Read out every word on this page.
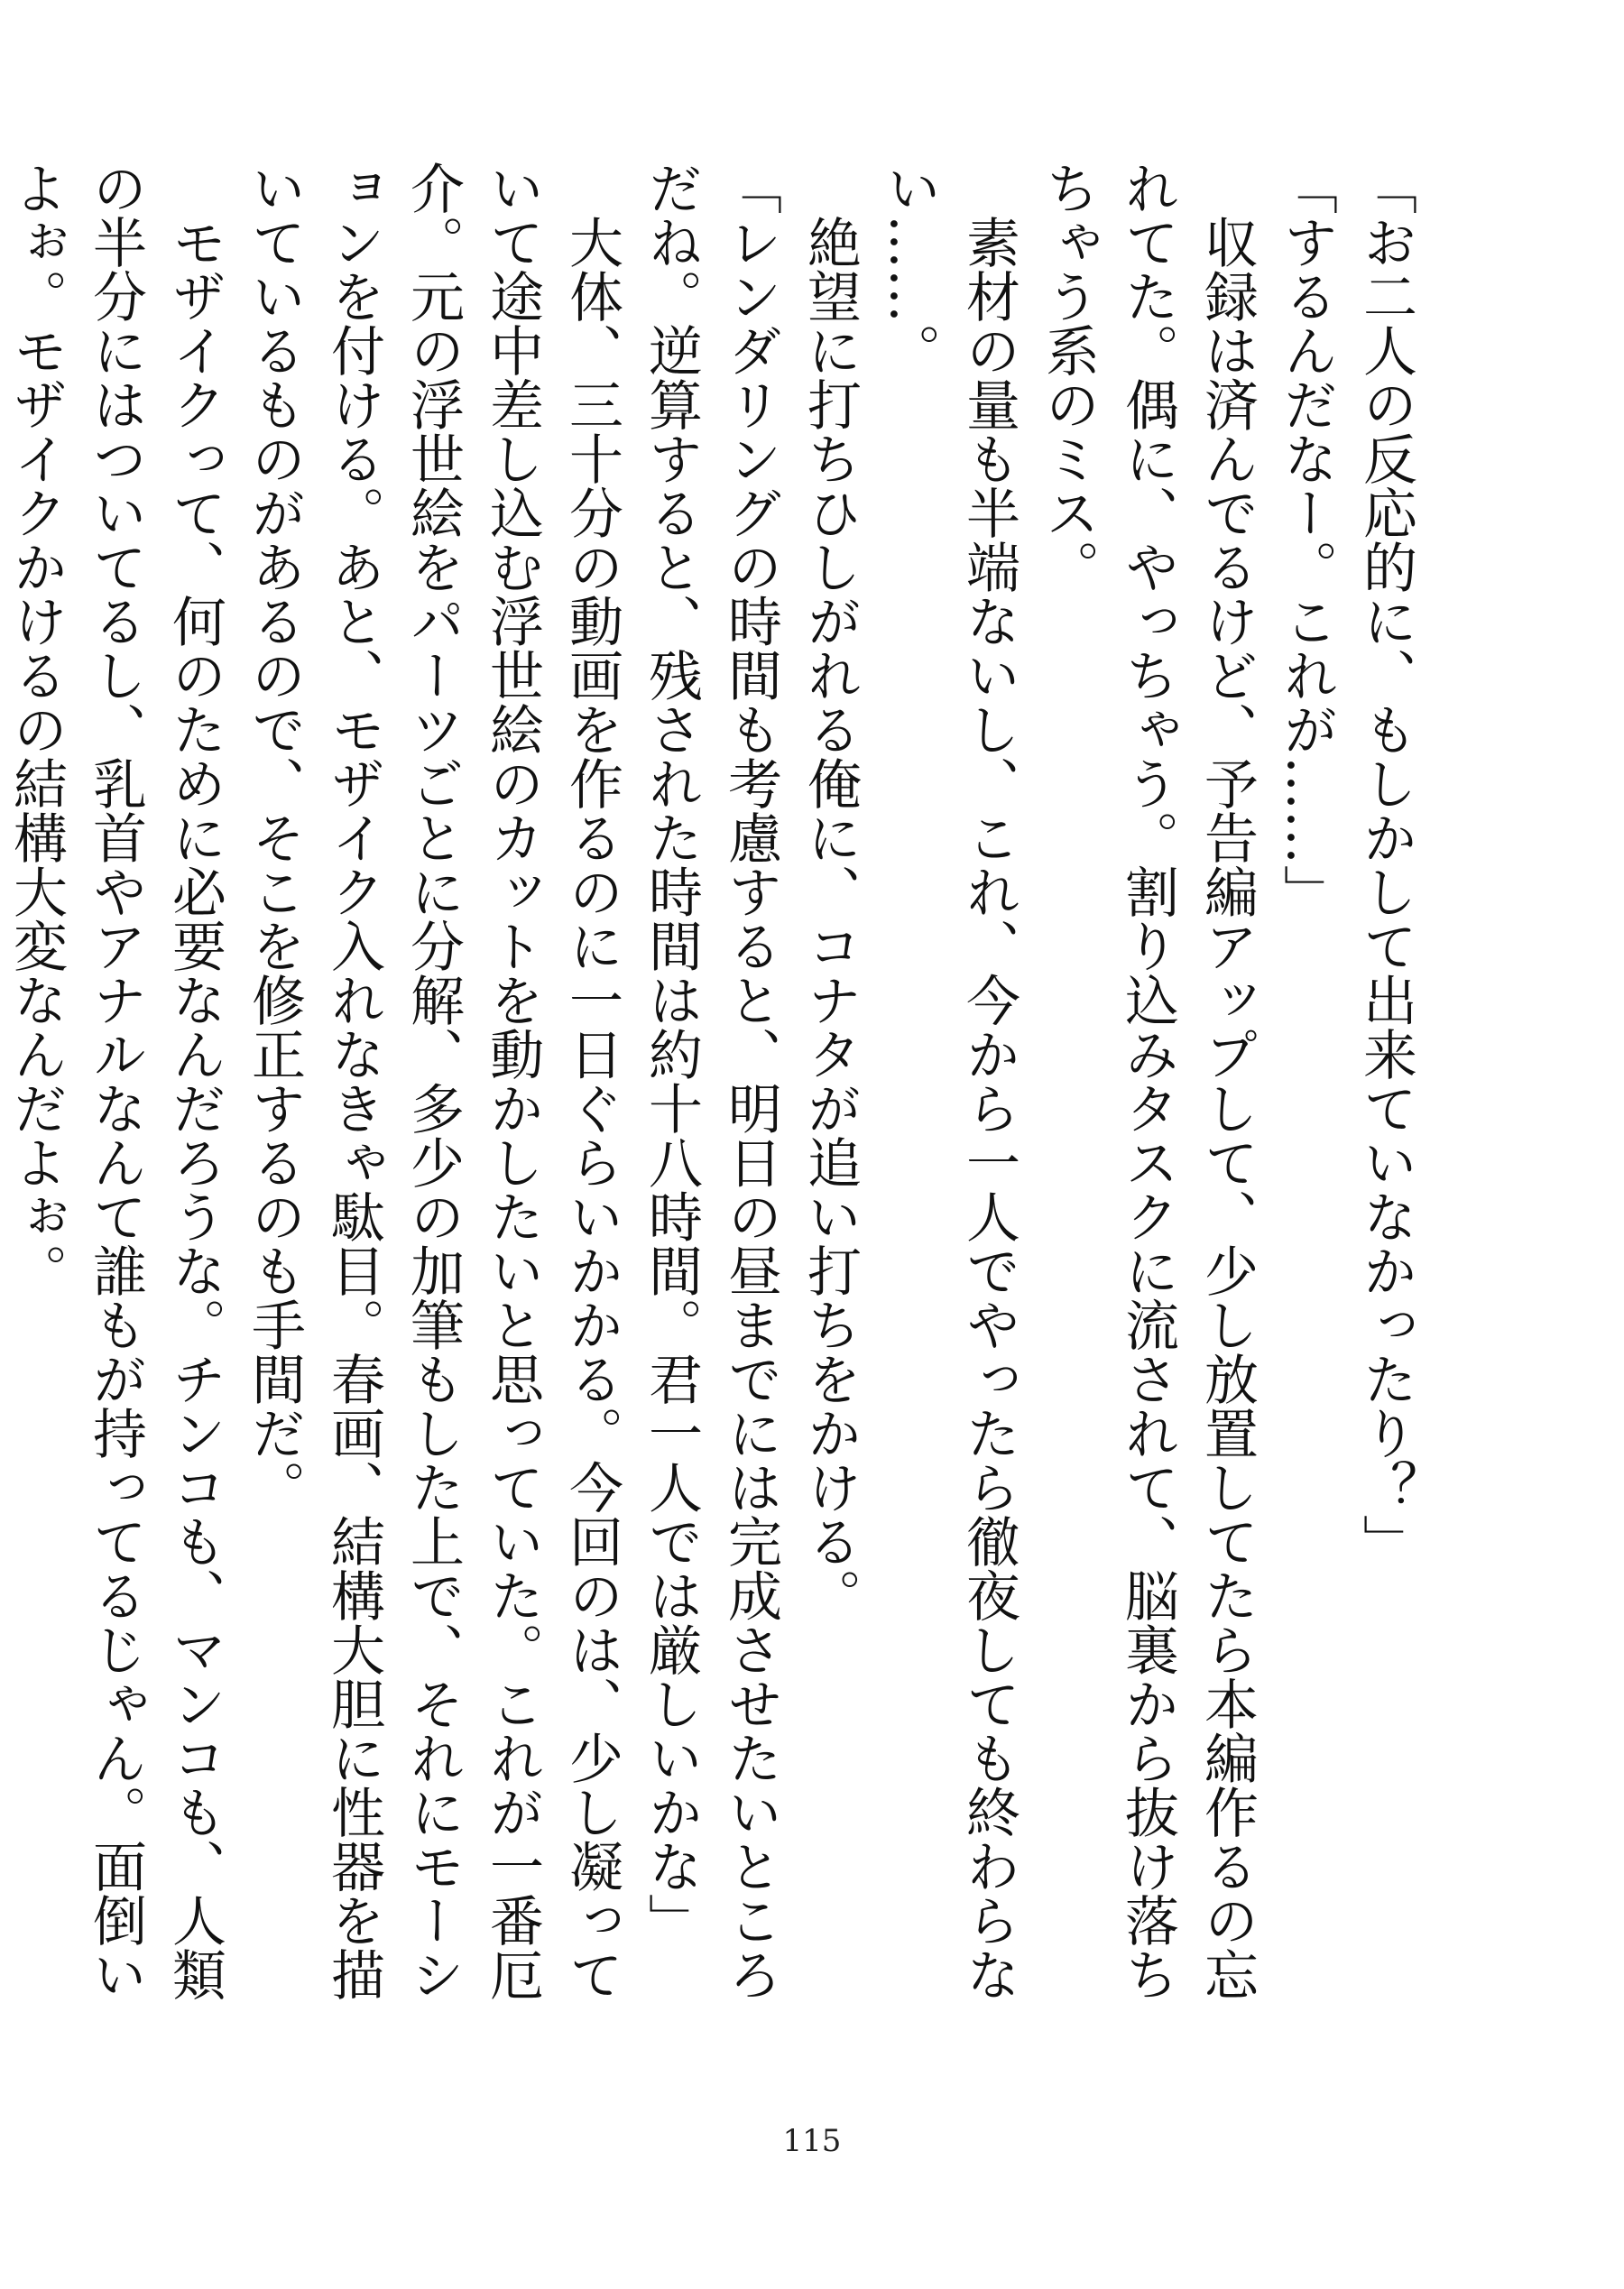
「お二人の反応的に、もしかして出来ていなかったり？」

「するんだなー。これが……」

収録は済んでるけど、予告編アップして、少し放置してたら本編作るの忘れてた。偶に、やっちゃう。割り込みタスクに流されて、脳裏から抜け落ちちゃう系のミス。

素材の量も半端ないし、これ、今から一人でやったら徹夜しても終わらない……。

絶望に打ちひしがれる俺に、コナタが追い打ちをかける。

「レンダリングの時間も考慮すると、明日の昼までには完成させたいところだね。逆算すると、残された時間は約十八時間。君一人では厳しいかな」

大体、三十分の動画を作るのに一日ぐらいかかる。今回のは、少し凝っていて途中差し込む浮世絵のカットを動かしたいと思っていた。これが一番厄介。元の浮世絵をパーツごとに分解、多少の加筆もした上で、それにモーションを付ける。あと、モザイク入れなきゃ駄目。春画、結構大胆に性器を描いているものがあるので、そこを修正するのも手間だ。

モザイクって、何のために必要なんだろうな。チンコも、マンコも、人類の半分にはついてるし、乳首やアナルなんて誰もが持ってるじゃん。面倒いよぉ。モザイクかけるの結構大変なんだよぉ。

115
